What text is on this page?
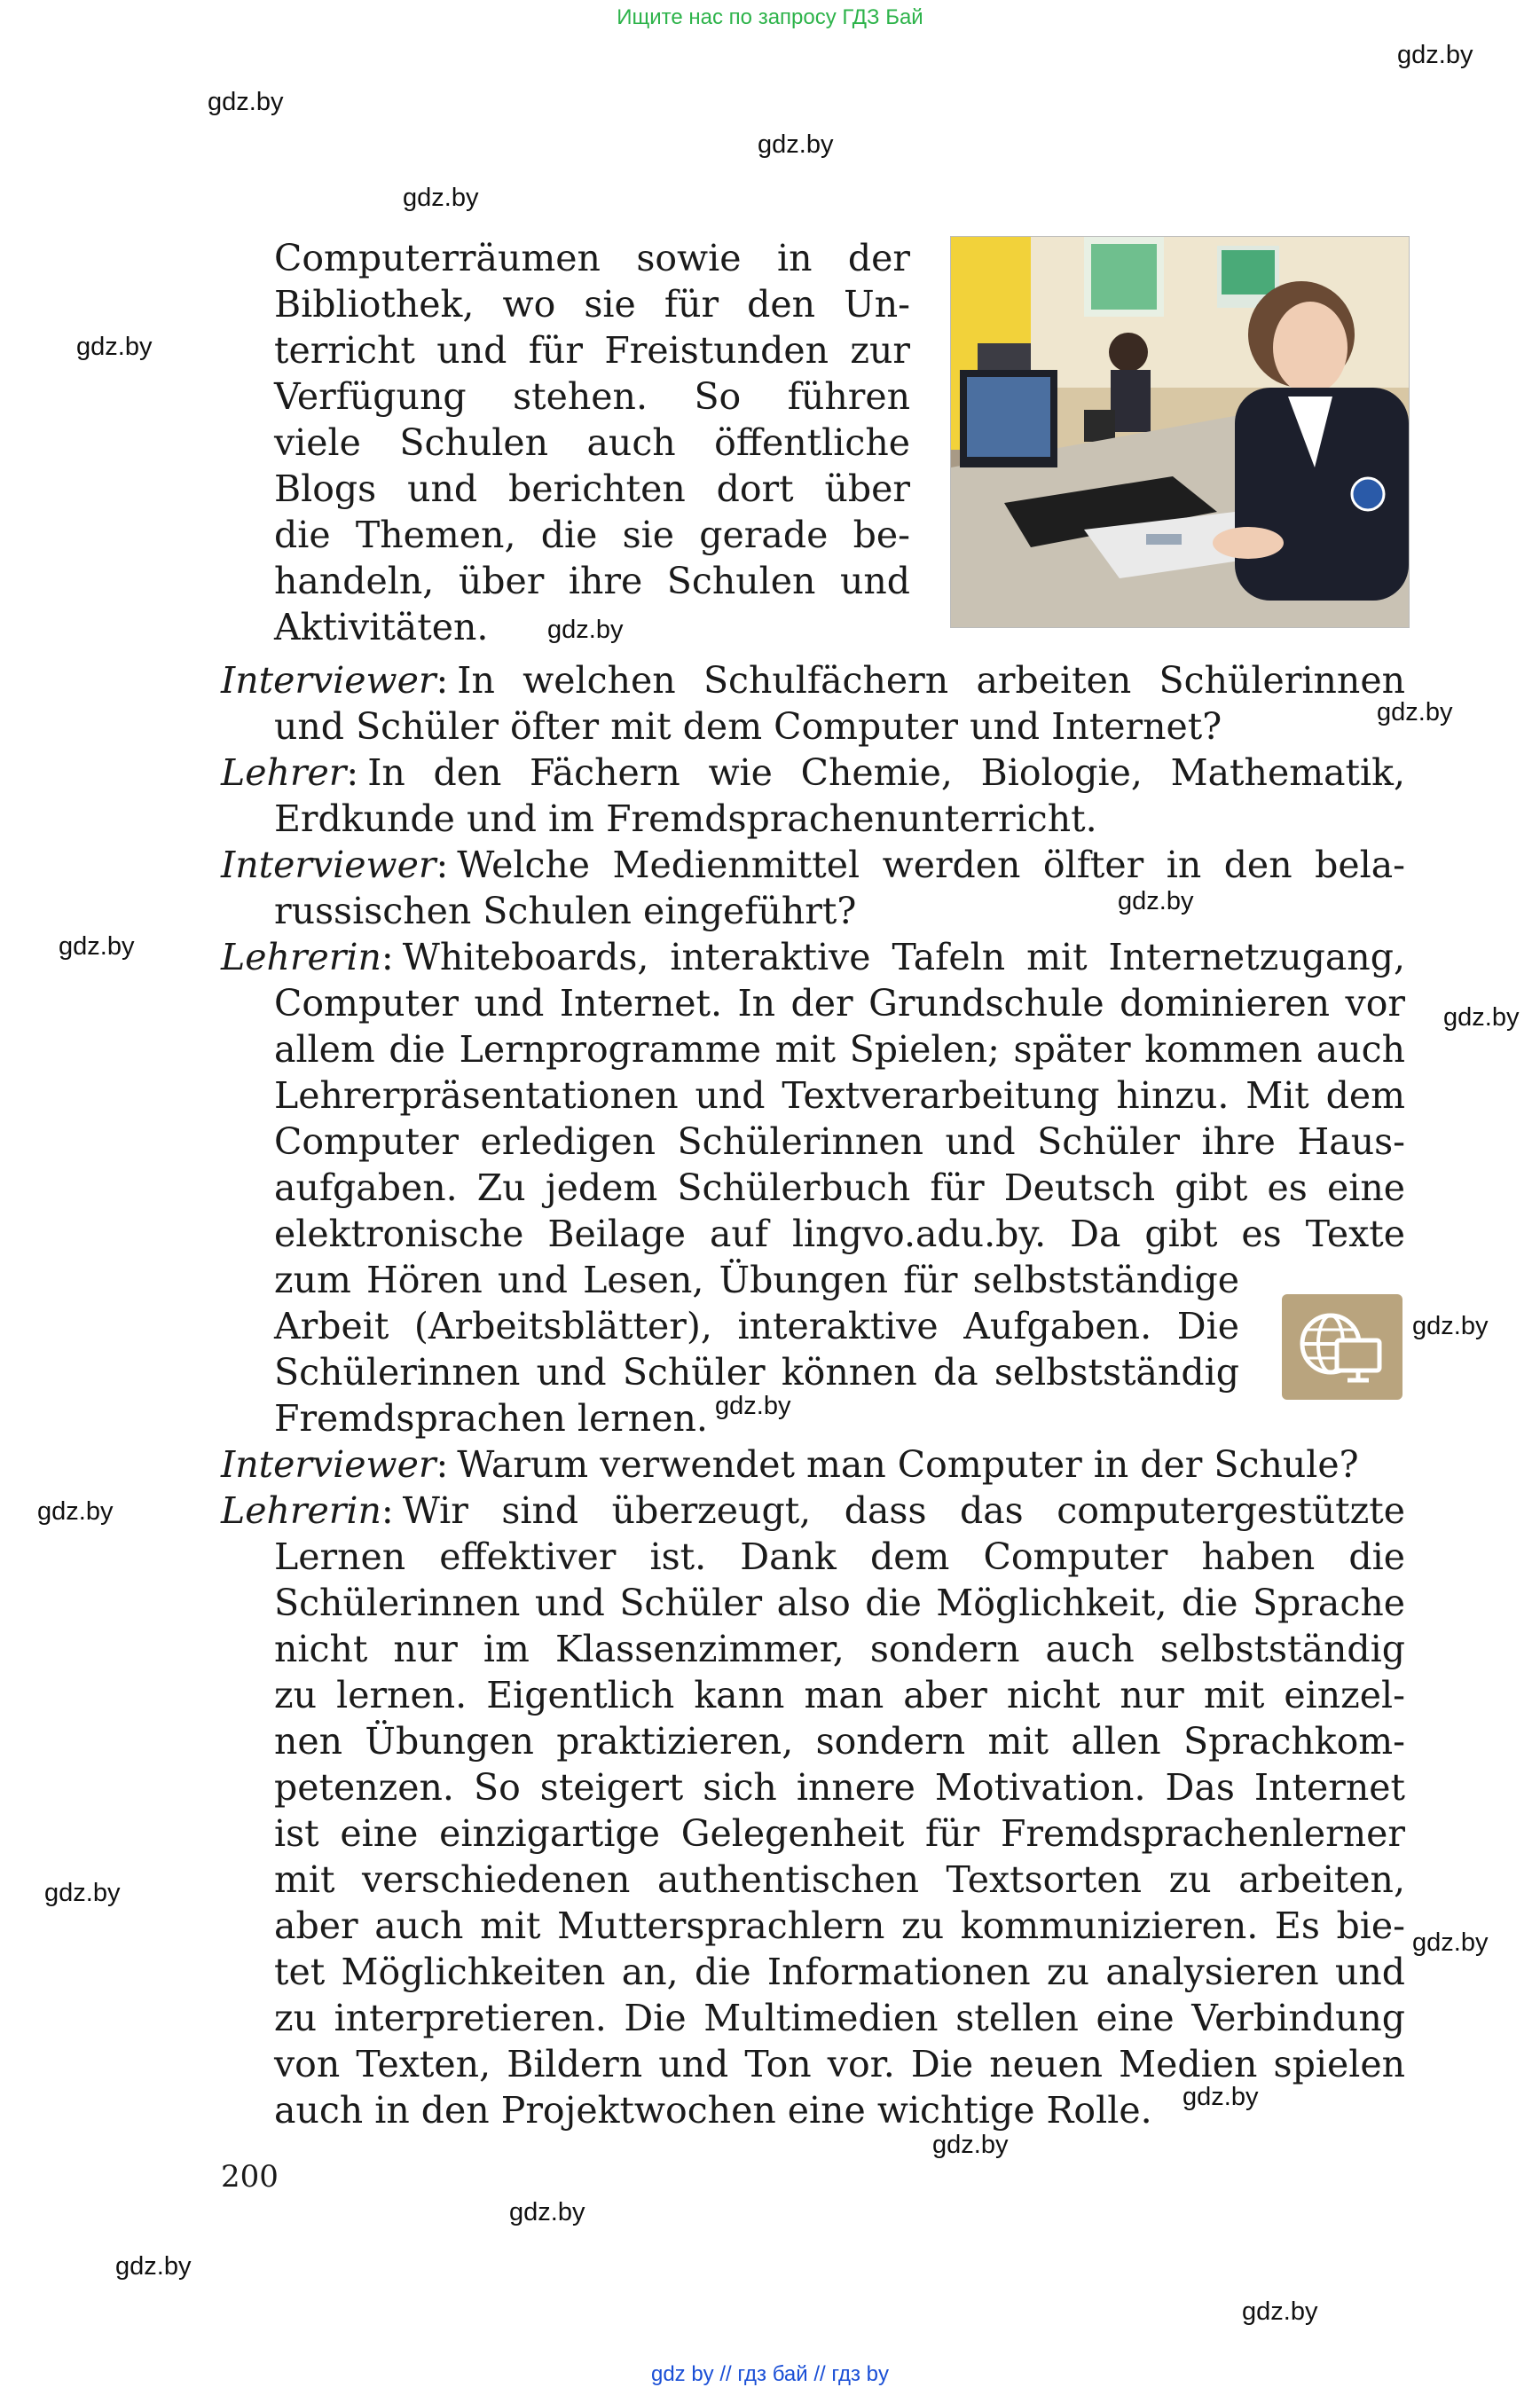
Ищите нас по запросу ГДЗ Бай
gdz.by
gdz.by
gdz.by
gdz.by
gdz.by
gdz.by
gdz.by
gdz.by
gdz.by
gdz.by
gdz.by
gdz.by
gdz.by
gdz.by
gdz.by
gdz.by
gdz.by
gdz.by
gdz.by
gdz.by
Computerräumen sowie in der
Bibliothek, wo sie für den Un-
terricht und für Freistunden zur
Verfügung stehen. So führen
viele Schulen auch öffentliche
Blogs und berichten dort über
die Themen, die sie gerade be-
handeln, über ihre Schulen und
Aktivitäten.
Interviewer: In welchen Schulfächern arbeiten Schülerinnen
und Schüler öfter mit dem Computer und Internet?
Lehrer: In den Fächern wie Chemie, Biologie, Mathematik,
Erdkunde und im Fremdsprachenunterricht.
Interviewer: Welche Medienmittel werden ölfter in den bela-
russischen Schulen eingeführt?
Lehrerin: Whiteboards, interaktive Tafeln mit Internetzugang,
Computer und Internet. In der Grundschule dominieren vor
allem die Lernprogramme mit Spielen; später kommen auch
Lehrerpräsentationen und Textverarbeitung hinzu. Mit dem
Computer erledigen Schülerinnen und Schüler ihre Haus-
aufgaben. Zu jedem Schülerbuch für Deutsch gibt es eine
elektronische Beilage auf lingvo.adu.by. Da gibt es Texte
zum Hören und Lesen, Übungen für selbstständige
Arbeit (Arbeitsblätter), interaktive Aufgaben. Die
Schülerinnen und Schüler können da selbstständig
Fremdsprachen lernen.
Interviewer: Warum verwendet man Computer in der Schule?
Lehrerin: Wir sind überzeugt, dass das computergestützte
Lernen effektiver ist. Dank dem Computer haben die
Schülerinnen und Schüler also die Möglichkeit, die Sprache
nicht nur im Klassenzimmer, sondern auch selbstständig
zu lernen. Eigentlich kann man aber nicht nur mit einzel-
nen Übungen praktizieren, sondern mit allen Sprachkom-
petenzen. So steigert sich innere Motivation. Das Internet
ist eine einzigartige Gelegenheit für Fremdsprachenlerner
mit verschiedenen authentischen Textsorten zu arbeiten,
aber auch mit Muttersprachlern zu kommunizieren. Es bie-
tet Möglichkeiten an, die Informationen zu analysieren und
zu interpretieren. Die Multimedien stellen eine Verbindung
von Texten, Bildern und Ton vor. Die neuen Medien spielen
auch in den Projektwochen eine wichtige Rolle.
200
gdz by // гдз бай // гдз by
